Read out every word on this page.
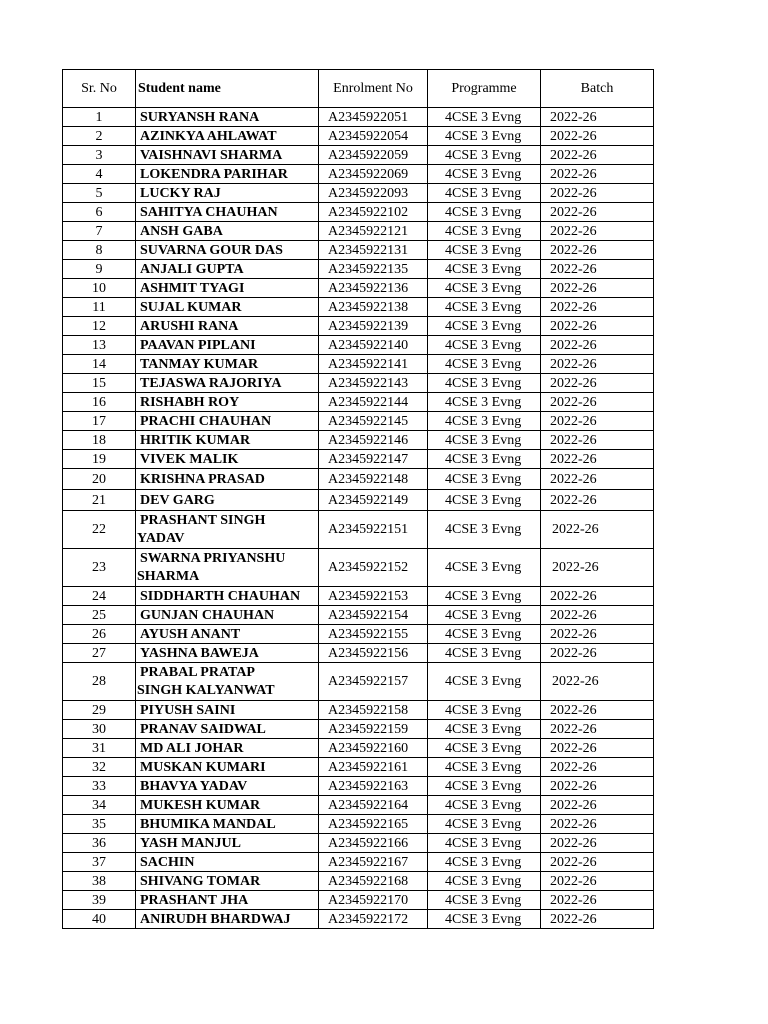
Sr. No	Student name	Enrolment No	Programme	Batch
1	SURYANSH RANA	A2345922051	4CSE 3 Evng	2022-26
2	AZINKYA AHLAWAT	A2345922054	4CSE 3 Evng	2022-26
3	VAISHNAVI SHARMA	A2345922059	4CSE 3 Evng	2022-26
4	LOKENDRA PARIHAR	A2345922069	4CSE 3 Evng	2022-26
5	LUCKY RAJ	A2345922093	4CSE 3 Evng	2022-26
6	SAHITYA CHAUHAN	A2345922102	4CSE 3 Evng	2022-26
7	ANSH GABA	A2345922121	4CSE 3 Evng	2022-26
8	SUVARNA GOUR DAS	A2345922131	4CSE 3 Evng	2022-26
9	ANJALI GUPTA	A2345922135	4CSE 3 Evng	2022-26
10	ASHMIT TYAGI	A2345922136	4CSE 3 Evng	2022-26
11	SUJAL KUMAR	A2345922138	4CSE 3 Evng	2022-26
12	ARUSHI RANA	A2345922139	4CSE 3 Evng	2022-26
13	PAAVAN PIPLANI	A2345922140	4CSE 3 Evng	2022-26
14	TANMAY KUMAR	A2345922141	4CSE 3 Evng	2022-26
15	TEJASWA RAJORIYA	A2345922143	4CSE 3 Evng	2022-26
16	RISHABH ROY	A2345922144	4CSE 3 Evng	2022-26
17	PRACHI CHAUHAN	A2345922145	4CSE 3 Evng	2022-26
18	HRITIK KUMAR	A2345922146	4CSE 3 Evng	2022-26
19	VIVEK MALIK	A2345922147	4CSE 3 Evng	2022-26
20	KRISHNA PRASAD	A2345922148	4CSE 3 Evng	2022-26
21	DEV GARG	A2345922149	4CSE 3 Evng	2022-26
22	PRASHANT SINGH
YADAV	A2345922151	4CSE 3 Evng	2022-26
23	SWARNA PRIYANSHU
SHARMA	A2345922152	4CSE 3 Evng	2022-26
24	SIDDHARTH CHAUHAN	A2345922153	4CSE 3 Evng	2022-26
25	GUNJAN CHAUHAN	A2345922154	4CSE 3 Evng	2022-26
26	AYUSH ANANT	A2345922155	4CSE 3 Evng	2022-26
27	YASHNA BAWEJA	A2345922156	4CSE 3 Evng	2022-26
28	PRABAL PRATAP
SINGH KALYANWAT	A2345922157	4CSE 3 Evng	2022-26
29	PIYUSH SAINI	A2345922158	4CSE 3 Evng	2022-26
30	PRANAV SAIDWAL	A2345922159	4CSE 3 Evng	2022-26
31	MD ALI JOHAR	A2345922160	4CSE 3 Evng	2022-26
32	MUSKAN KUMARI	A2345922161	4CSE 3 Evng	2022-26
33	BHAVYA YADAV	A2345922163	4CSE 3 Evng	2022-26
34	MUKESH KUMAR	A2345922164	4CSE 3 Evng	2022-26
35	BHUMIKA MANDAL	A2345922165	4CSE 3 Evng	2022-26
36	YASH MANJUL	A2345922166	4CSE 3 Evng	2022-26
37	SACHIN	A2345922167	4CSE 3 Evng	2022-26
38	SHIVANG TOMAR	A2345922168	4CSE 3 Evng	2022-26
39	PRASHANT JHA	A2345922170	4CSE 3 Evng	2022-26
40	ANIRUDH BHARDWAJ	A2345922172	4CSE 3 Evng	2022-26
